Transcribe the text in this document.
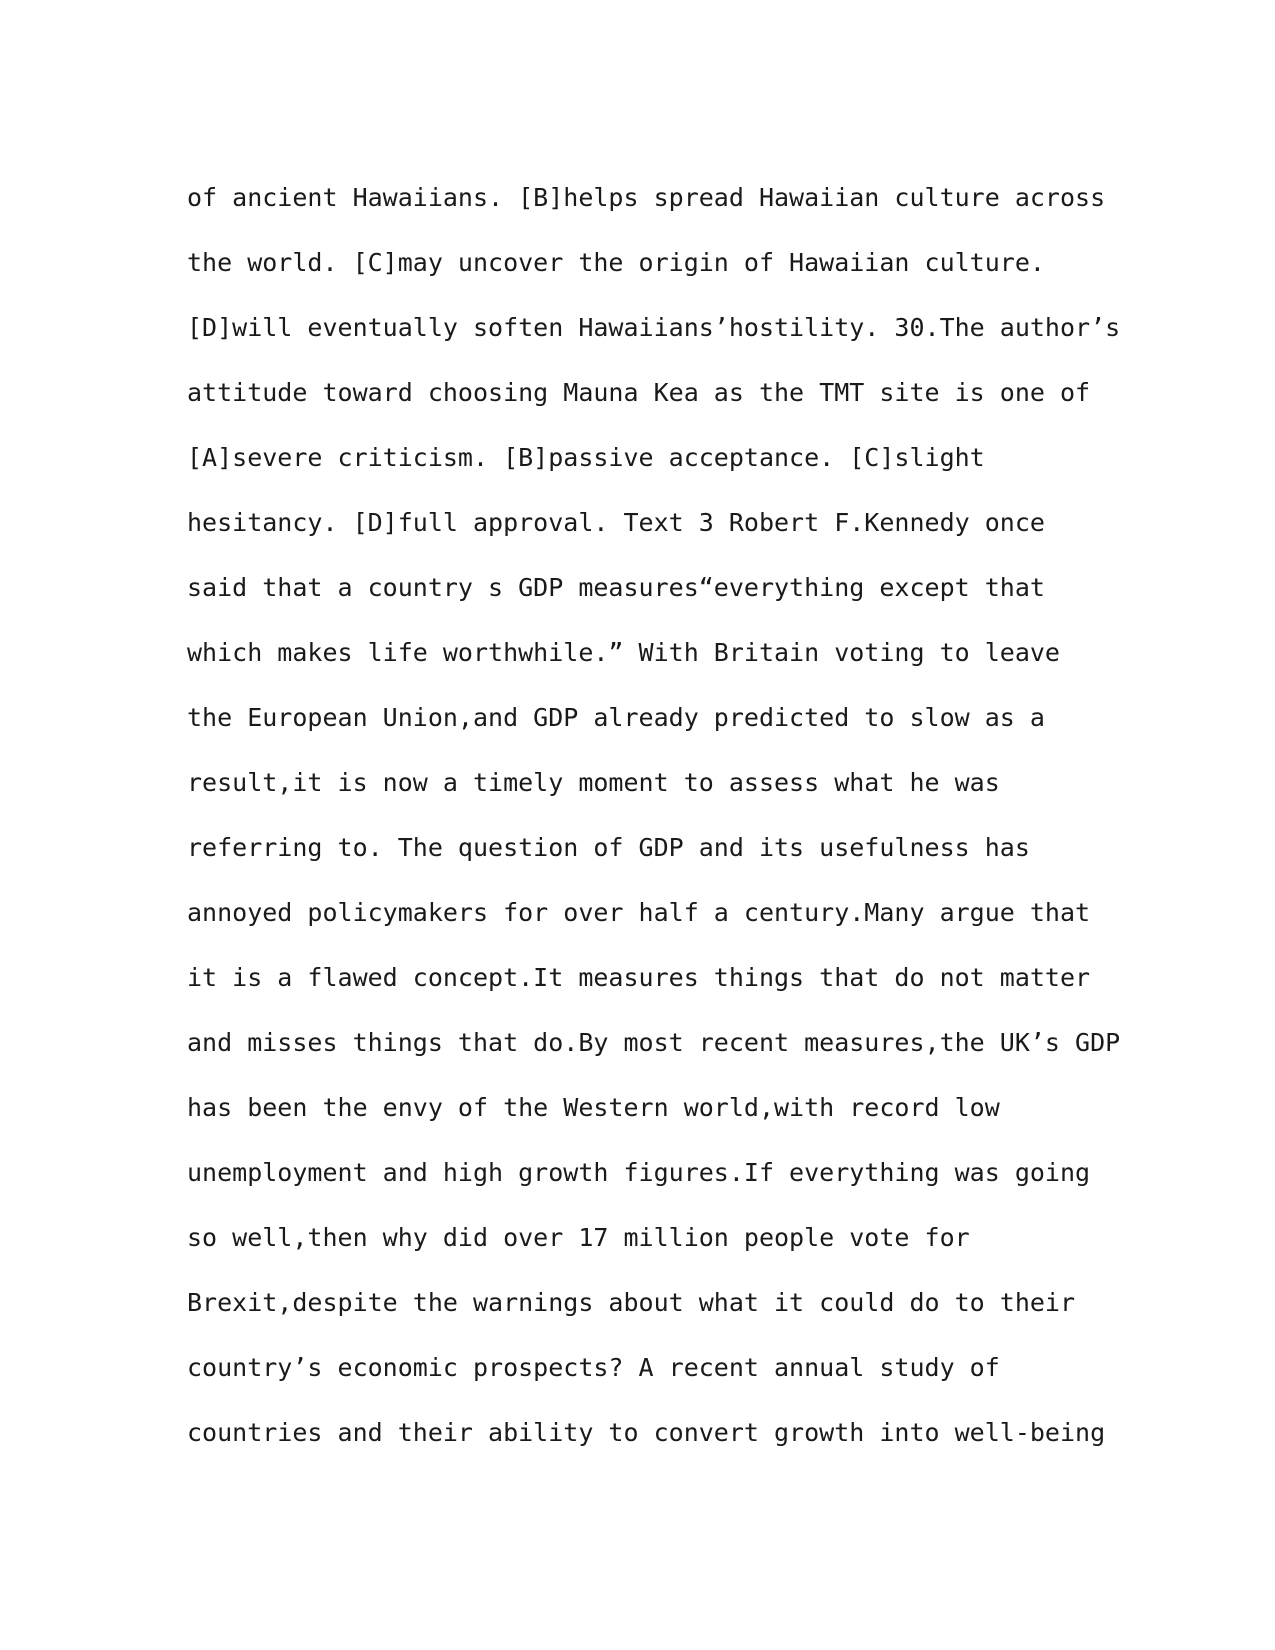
of ancient Hawaiians. [B]helps spread Hawaiian culture across
the world. [C]may uncover the origin of Hawaiian culture.
[D]will eventually soften Hawaiians’hostility. 30.The author’s
attitude toward choosing Mauna Kea as the TMT site is one of
[A]severe criticism. [B]passive acceptance. [C]slight
hesitancy. [D]full approval. Text 3 Robert F.Kennedy once
said that a country s GDP measures“everything except that
which makes life worthwhile.” With Britain voting to leave
the European Union,and GDP already predicted to slow as a
result,it is now a timely moment to assess what he was
referring to. The question of GDP and its usefulness has
annoyed policymakers for over half a century.Many argue that
it is a flawed concept.It measures things that do not matter
and misses things that do.By most recent measures,the UK’s GDP
has been the envy of the Western world,with record low
unemployment and high growth figures.If everything was going
so well,then why did over 17 million people vote for
Brexit,despite the warnings about what it could do to their
country’s economic prospects? A recent annual study of
countries and their ability to convert growth into well-being
